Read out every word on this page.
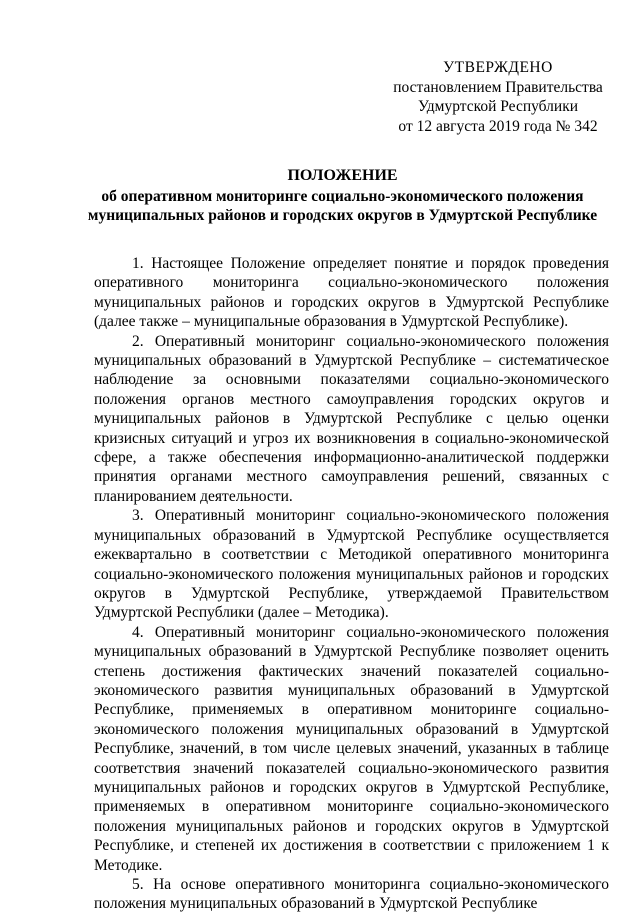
УТВЕРЖДЕНО
постановлением Правительства
Удмуртской Республики
от 12 августа 2019 года № 342
ПОЛОЖЕНИЕ
об оперативном мониторинге социально-экономического положения
муниципальных районов и городских округов в Удмуртской Республике

1. Настоящее Положение определяет понятие и порядок проведения оперативного мониторинга социально-экономического положения муниципальных районов и городских округов в Удмуртской Республике (далее также – муниципальные образования в Удмуртской Республике).

2. Оперативный мониторинг социально-экономического положения муниципальных образований в Удмуртской Республике – систематическое наблюдение за основными показателями социально-экономического положения органов местного самоуправления городских округов и муниципальных районов в Удмуртской Республике с целью оценки кризисных ситуаций и угроз их возникновения в социально-экономической сфере, а также обеспечения информационно-аналитической поддержки принятия органами местного самоуправления решений, связанных с планированием деятельности.

3. Оперативный мониторинг социально-экономического положения муниципальных образований в Удмуртской Республике осуществляется ежеквартально в соответствии с Методикой оперативного мониторинга социально-экономического положения муниципальных районов и городских округов в Удмуртской Республике, утверждаемой Правительством Удмуртской Республики (далее – Методика).

4. Оперативный мониторинг социально-экономического положения муниципальных образований в Удмуртской Республике позволяет оценить степень достижения фактических значений показателей социально-экономического развития муниципальных образований в Удмуртской Республике, применяемых в оперативном мониторинге социально-экономического положения муниципальных образований в Удмуртской Республике, значений, в том числе целевых значений, указанных в таблице соответствия значений показателей социально-экономического развития муниципальных районов и городских округов в Удмуртской Республике, применяемых в оперативном мониторинге социально-экономического положения муниципальных районов и городских округов в Удмуртской Республике, и степеней их достижения в соответствии с приложением 1 к Методике.

5. На основе оперативного мониторинга социально-экономического положения муниципальных образований в Удмуртской Республике
